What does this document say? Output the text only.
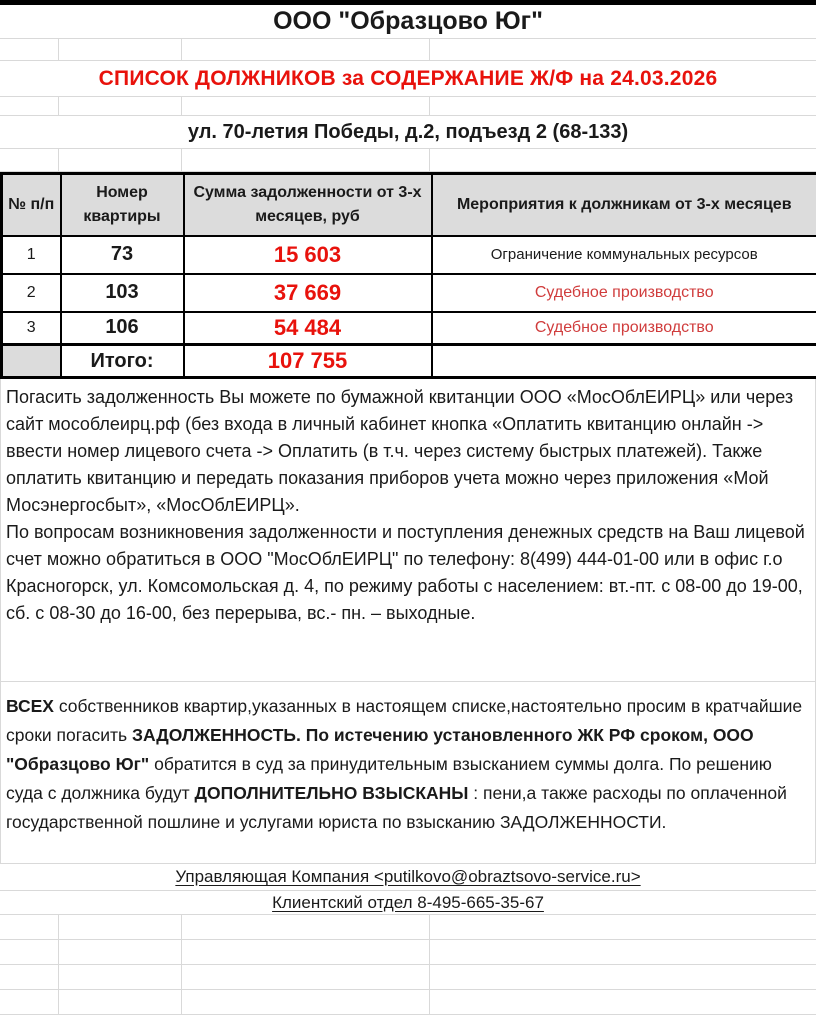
ООО "Образцово Юг"
СПИСОК ДОЛЖНИКОВ за СОДЕРЖАНИЕ Ж/Ф на 24.03.2026
ул. 70-летия Победы, д.2, подъезд 2 (68-133)
№ п/п	Номер квартиры	Сумма задолженности от 3-х месяцев, руб	Мероприятия к должникам от 3-х месяцев
1	73	15 603	Ограничение коммунальных ресурсов
2	103	37 669	Судебное производство
3	106	54 484	Судебное производство
	Итого:	107 755	

Погасить задолженность Вы можете по бумажной квитанции ООО «МосОблЕИРЦ» или через сайт мособлеирц.рф (без входа в личный кабинет кнопка «Оплатить квитанцию онлайн -> ввести номер лицевого счета -> Оплатить (в т.ч. через систему быстрых платежей). Также оплатить квитанцию и передать показания приборов учета можно через приложения «Мой Мосэнергосбыт», «МосОблЕИРЦ».

По вопросам возникновения задолженности и поступления денежных средств на Ваш лицевой счет можно обратиться в ООО "МосОблЕИРЦ" по телефону: 8(499) 444-01-00 или в офис г.о Красногорск, ул. Комсомольская д. 4, по режиму работы с населением: вт.-пт. с 08-00 до 19-00, сб. с 08-30 до 16-00, без перерыва, вс.- пн. – выходные.

ВСЕХ собственников квартир,указанных в настоящем списке,настоятельно просим в кратчайшие сроки погасить ЗАДОЛЖЕННОСТЬ. По истечению установленного ЖК РФ сроком, ООО "Образцово Юг" обратится в суд за принудительным взысканием суммы долга. По решению суда с должника будут ДОПОЛНИТЕЛЬНО ВЗЫСКАНЫ : пени,а также расходы по оплаченной государственной пошлине и услугами юриста по взысканию ЗАДОЛЖЕННОСТИ.
Управляющая Компания <putilkovo@obraztsovo-service.ru>
Клиентский отдел 8-495-665-35-67
